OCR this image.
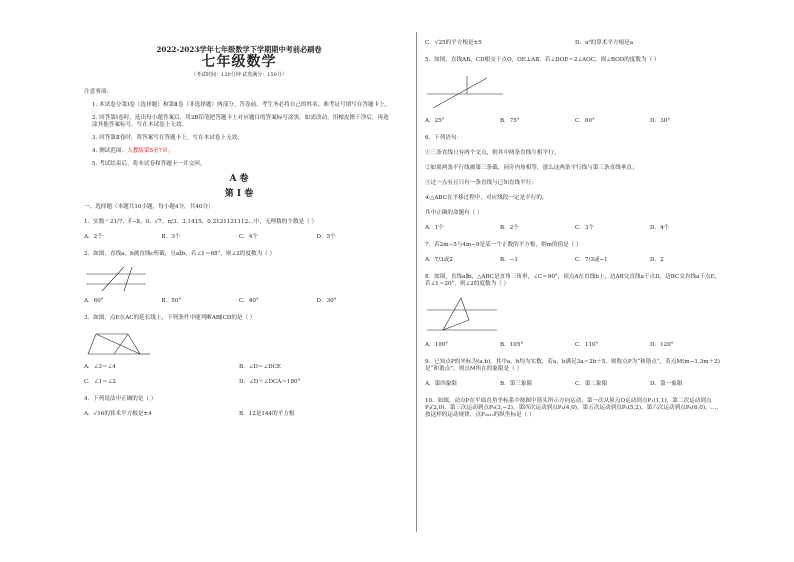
2022-2023学年七年级数学下学期期中考前必刷卷
七年级数学
（考试时间：120分钟 试卷满分：150分）
注意事项：
1. 本试卷分第Ⅰ卷（选择题）和第Ⅱ卷（非选择题）两部分。答卷前，考生务必将自己的姓名、准考证号填写在答题卡上。
2. 回答第Ⅰ卷时，选出每小题答案后，用2B铅笔把答题卡上对应题目的答案标号涂黑。如需改动，用橡皮擦干净后，再选涂其他答案标号。写在本试卷上无效。
3. 回答第Ⅱ卷时，将答案写在答题卡上。写在本试卷上无效。
4. 测试范围：人教版第5至7章。
5. 考试结束后，将本试卷和答题卡一并交回。
A 卷
第 Ⅰ 卷
一、选择题（本题共10小题，每小题4分，共40分）
1．实数－21/7、∛−8、0、√7、π/3、3.1415、0.2121121112…中，无理数的个数是（ ）
A．2个	B．3个	C．4个	D．5个
2．如图，直线a，b被直线c所截，且a∥b，若∠1＝68°，则∠2的度数为（ ）
A．60°	B．50°	C．40°	D．30°
3．如图，点E在AC的延长线上，下列条件中能判断AB∥CD的是（ ）
A．∠3＝∠4	B．∠D＝∠DCE
C．∠1＝∠2	D．∠D＋∠DCA＝180°
4．下列说法中正确的是（ ）
A．√16的算术平方根是±4	B．12是144的平方根
C．√25的平方根是±5	D．a²的算术平方根是a
5．如图，直线AB，CD相交于点O，OE⊥AB，若∠DOE＝2∠AOC，则∠BOD的度数为（ ）
A．25°	B．75°	C．60°	D．30°
6．下列语句：
①三条直线只有两个交点，则其中两条直线互相平行；
②如果两条平行线被第三条截，同旁内角相等，那么这两条平行线与第三条直线垂直；
③过一点有且只有一条直线与已知直线平行；
④△ABC在平移过程中，对应线段一定是平行的。
其中正确的命题有（ ）
A．1个	B．2个	C．3个	D．4个
7．若2m−5与4m−9是某一个正数的平方根，则m的值是（ ）
A．7/3或2	B．−1	C．7/3或−1	D．2
8．如图，直线a∥b，△ABC是直角三角形，∠C＝90°，顶点A在直线b上，边AB交直线a于点D，边BC交直线a于点E，若∠1＝20°，则∠2的度数为（ ）
A．100°	B．105°	C．110°	D．120°
9．已知点P的坐标为(a,b)，其中a，b均为实数，若a，b满足3a＝2b＋5，则称点P为“和谐点”，若点M(m−1,3m＋2)是“和谐点”，则点M所在的象限是（ ）
A．第四象限	B．第三象限	C．第二象限	D．第一象限
10．如图，动点P在平面直角坐标系中按图中箭头所示方向运动，第一次从原点O运动到点P₁(1,1)，第二次运动到点P₂(2,0)，第三次运动到点P₃(3,−2)，第四次运动到点P₄(4,0)，第五次运动到点P₅(5,2)，第六次运动到点P₆(6,0)，…，按这样的运动规律，点P₂₀₂₃的纵坐标是（ ）
